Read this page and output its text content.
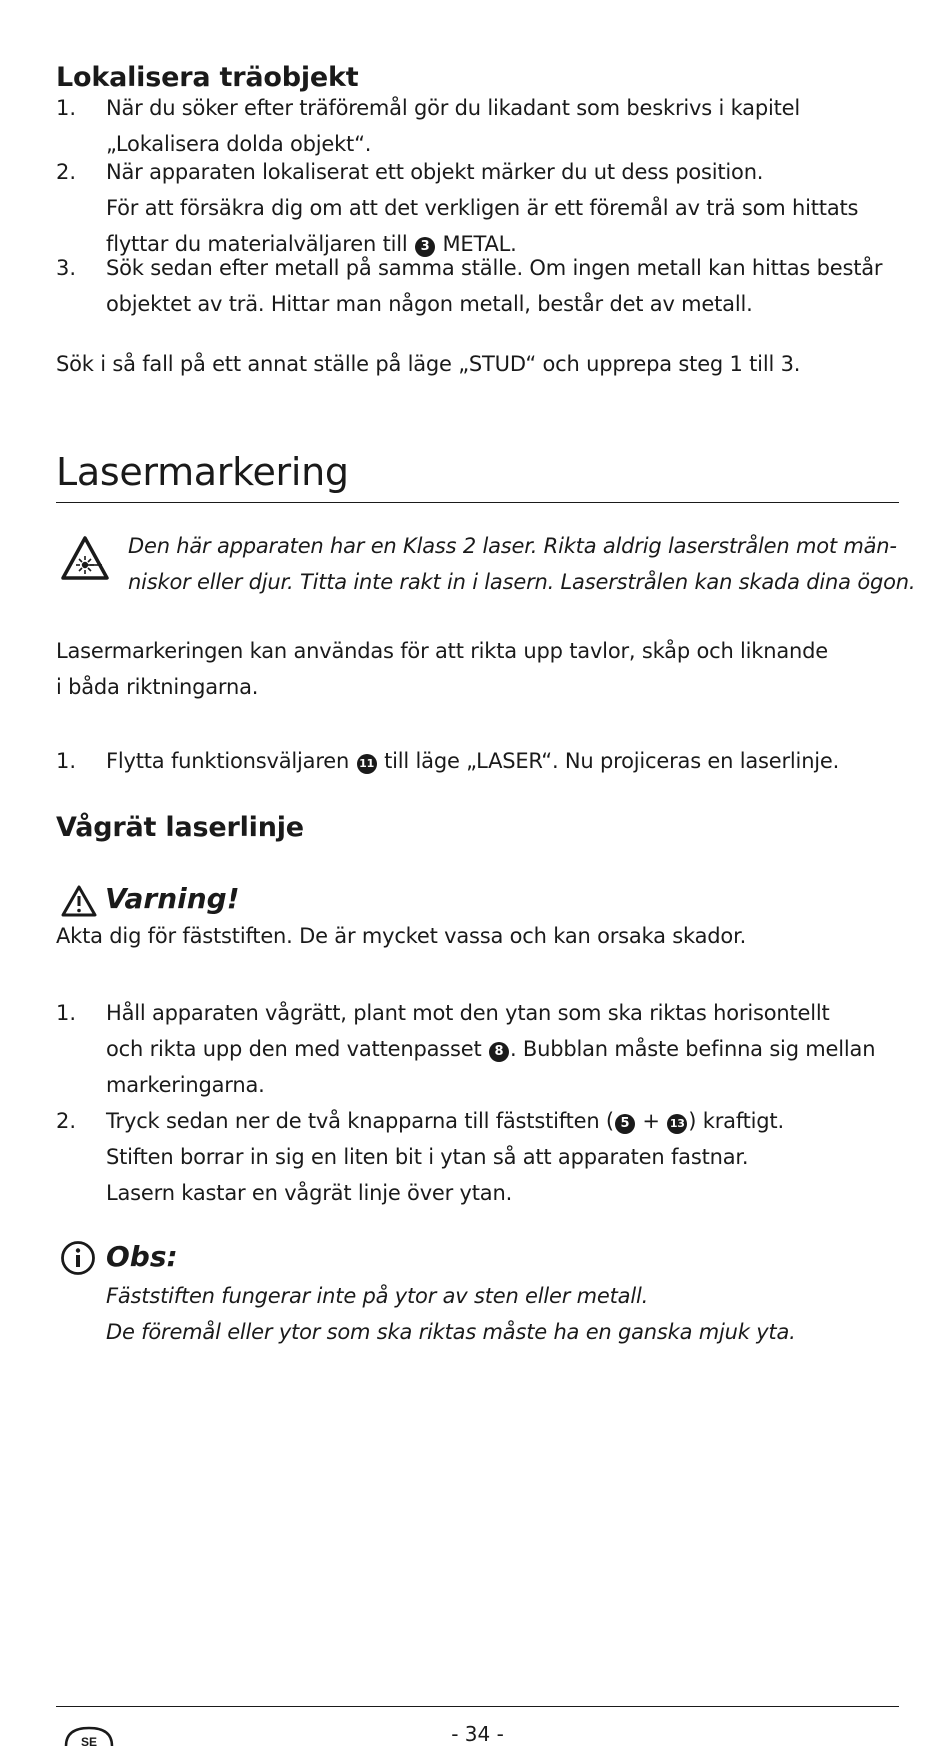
Lokalisera träobjekt
1. När du söker efter träföremål gör du likadant som beskrivs i kapitel
„Lokalisera dolda objekt“.
2. När apparaten lokaliserat ett objekt märker du ut dess position.
För att försäkra dig om att det verkligen är ett föremål av trä som hittats
flyttar du materialväljaren till 3 METAL.
3. Sök sedan efter metall på samma ställe. Om ingen metall kan hittas består
objektet av trä. Hittar man någon metall, består det av metall.
Sök i så fall på ett annat ställe på läge „STUD“ och upprepa steg 1 till 3.
Lasermarkering
Den här apparaten har en Klass 2 laser. Rikta aldrig laserstrålen mot män-
niskor eller djur. Titta inte rakt in i lasern. Laserstrålen kan skada dina ögon.
Lasermarkeringen kan användas för att rikta upp tavlor, skåp och liknande
i båda riktningarna.
1. Flytta funktionsväljaren 11 till läge „LASER“. Nu projiceras en laserlinje.
Vågrät laserlinje
Varning!
Akta dig för fäststiften. De är mycket vassa och kan orsaka skador.
1. Håll apparaten vågrätt, plant mot den ytan som ska riktas horisontellt
och rikta upp den med vattenpasset 8 . Bubblan måste befinna sig mellan
markeringarna.
2. Tryck sedan ner de två knapparna till fäststiften ( 5 + 13 ) kraftigt.
Stiften borrar in sig en liten bit i ytan så att apparaten fastnar.
Lasern kastar en vågrät linje över ytan.
Obs:
Fäststiften fungerar inte på ytor av sten eller metall.
De föremål eller ytor som ska riktas måste ha en ganska mjuk yta.
SE	- 34 -
